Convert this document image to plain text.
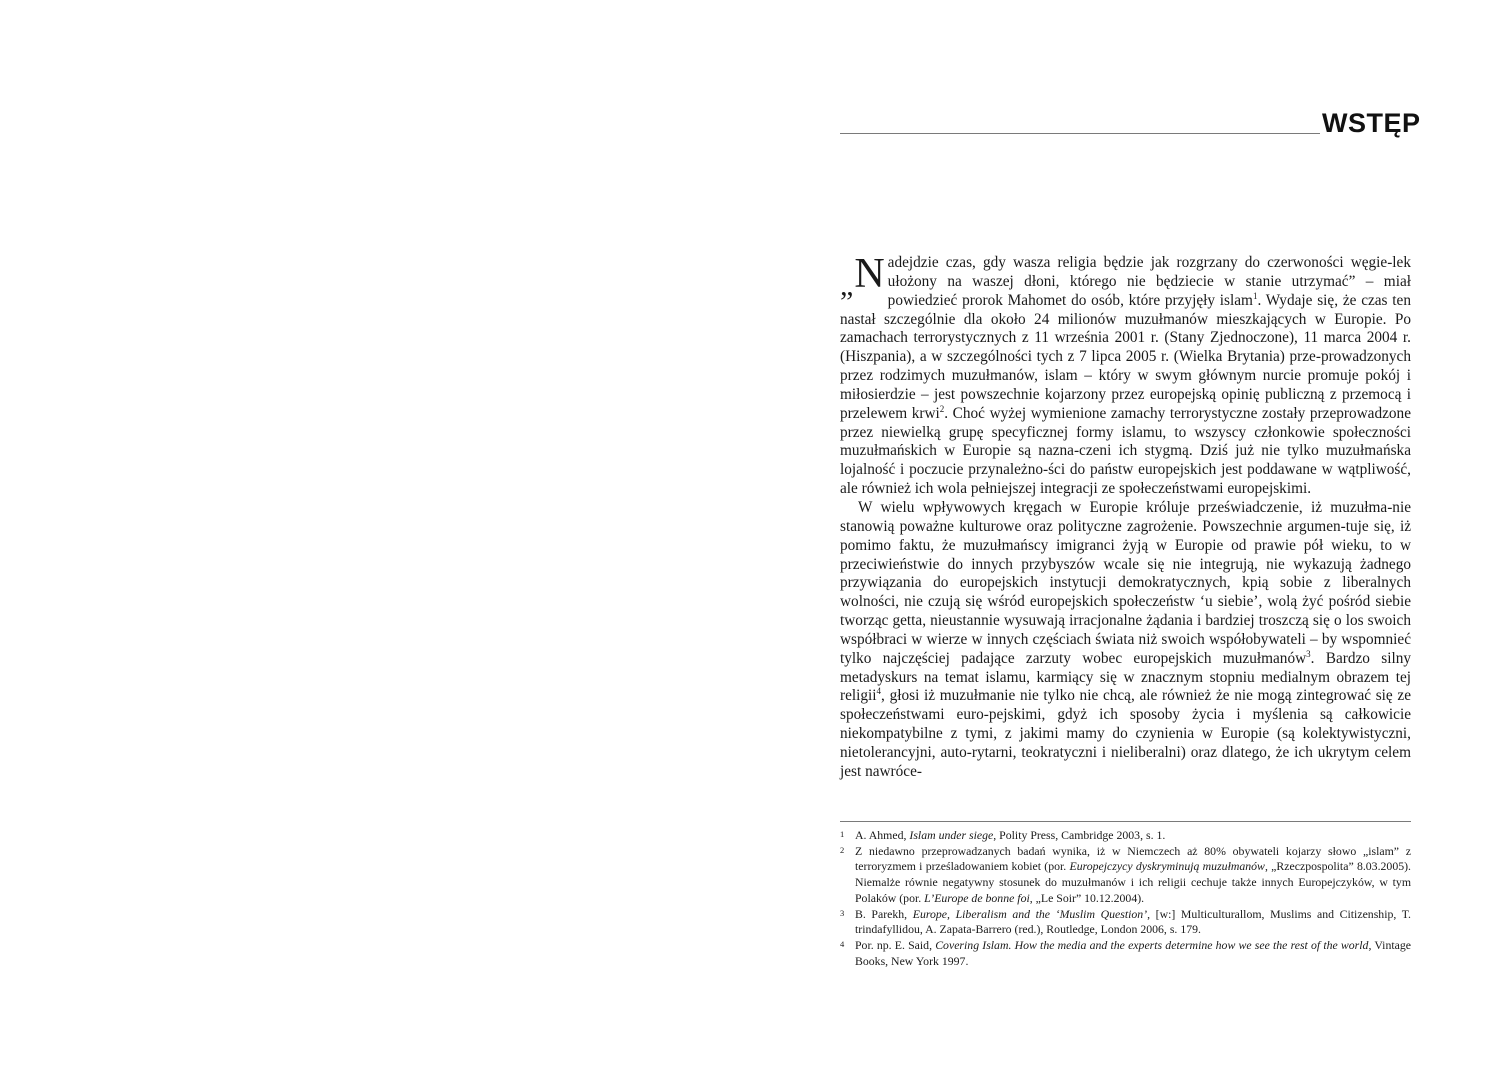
WSTĘP

„N adejdzie czas, gdy wasza religia będzie jak rozgrzany do czerwoności węgie-lek ułożony na waszej dłoni, którego nie będziecie w stanie utrzymać” – miał powiedzieć prorok Mahomet do osób, które przyjęły islam$^1$. Wydaje się, że czas ten nastał szczególnie dla około 24 milionów muzułmanów mieszkających w Europie. Po zamachach terrorystycznych z 11 września 2001 r. (Stany Zjednoczone), 11 marca 2004 r. (Hiszpania), a w szczególności tych z 7 lipca 2005 r. (Wielka Brytania) prze-prowadzonych przez rodzimych muzułmanów, islam – który w swym głównym nurcie promuje pokój i miłosierdzie – jest powszechnie kojarzony przez europejską opinię publiczną z przemocą i przelewem krwi$^2$. Choć wyżej wymienione zamachy terrorystyczne zostały przeprowadzone przez niewielką grupę specyficznej formy islamu, to wszyscy członkowie społeczności muzułmańskich w Europie są nazna-czeni ich stygmą. Dziś już nie tylko muzułmańska lojalność i poczucie przynależno-ści do państw europejskich jest poddawane w wątpliwość, ale również ich wola pełniejszej integracji ze społeczeństwami europejskimi.

W wielu wpływowych kręgach w Europie króluje przeświadczenie, iż muzułma-nie stanowią poważne kulturowe oraz polityczne zagrożenie. Powszechnie argumen-tuje się, iż pomimo faktu, że muzułmańscy imigranci żyją w Europie od prawie pół wieku, to w przeciwieństwie do innych przybyszów wcale się nie integrują, nie wykazują żadnego przywiązania do europejskich instytucji demokratycznych, kpią sobie z liberalnych wolności, nie czują się wśród europejskich społeczeństw ‘u siebie’, wolą żyć pośród siebie tworząc getta, nieustannie wysuwają irracjonalne żądania i bardziej troszczą się o los swoich współbraci w wierze w innych częściach świata niż swoich współobywateli – by wspomnieć tylko najczęściej padające zarzuty wobec europejskich muzułmanów$^3$. Bardzo silny metadyskurs na temat islamu, karmiący się w znacznym stopniu medialnym obrazem tej religii$^4$, głosi iż muzułmanie nie tylko nie chcą, ale również że nie mogą zintegrować się ze społeczeństwami euro-pejskimi, gdyż ich sposoby życia i myślenia są całkowicie niekompatybilne z tymi, z jakimi mamy do czynienia w Europie (są kolektywistyczni, nietolerancyjni, auto-rytarni, teokratyczni i nieliberalni) oraz dlatego, że ich ukrytym celem jest nawróce-

1 A. Ahmed, Islam under siege, Polity Press, Cambridge 2003, s. 1.
2 Z niedawno przeprowadzanych badań wynika, iż w Niemczech aż 80% obywateli kojarzy słowo „islam” z terroryzmem i prześladowaniem kobiet (por. Europejczycy dyskryminują muzułmanów, „Rzeczpospolita” 8.03.2005). Niemalże równie negatywny stosunek do muzułmanów i ich religii cechuje także innych Europejczyków, w tym Polaków (por. L’Europe de bonne foi, „Le Soir” 10.12.2004).
3 B. Parekh, Europe, Liberalism and the ‘Muslim Question’, [w:] Multiculturallom, Muslims and Citizenship, T. trindafyllidou, A. Zapata-Barrero (red.), Routledge, London 2006, s. 179.
4 Por. np. E. Said, Covering Islam. How the media and the experts determine how we see the rest of the world, Vintage Books, New York 1997.
